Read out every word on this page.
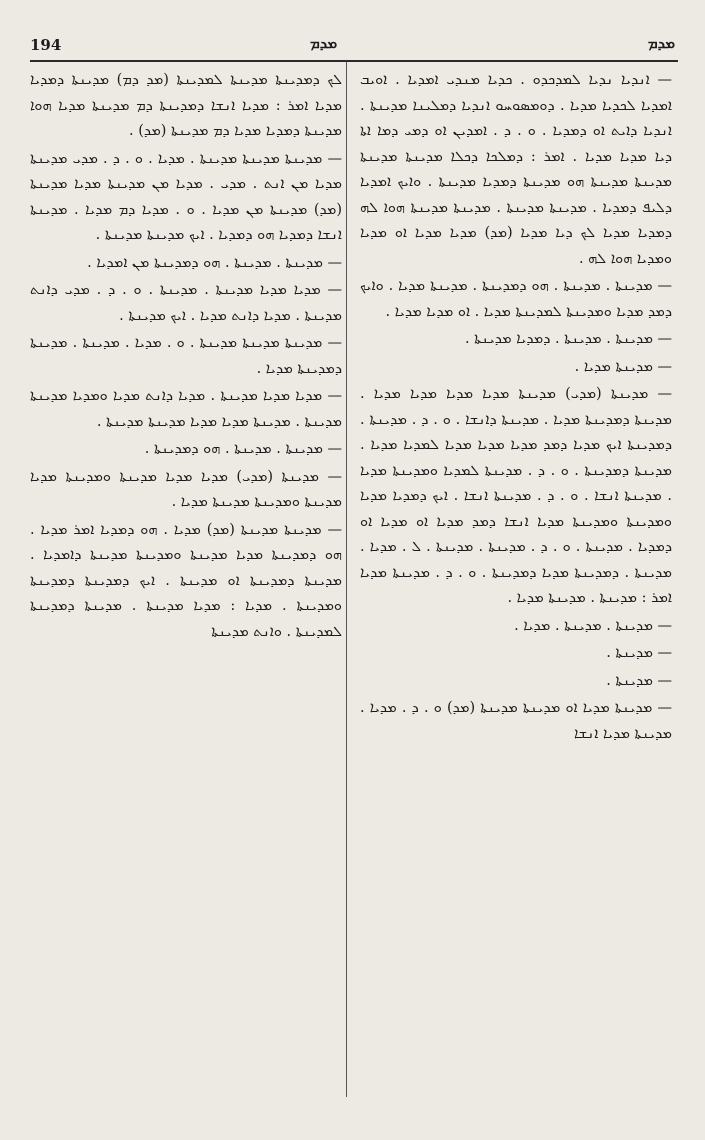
194	ܡܕܡ	ܡܕܡ

— ܐܢܕܝܐ ܢܕܝܐ ܠܡܕܟܕܘ . ܟܕܝܐ ܡܢܕܝ ܐܡܕܝܐ . ܐܘܝܒ ܐܡܕܝܐ ܠܟܕܝܐ ܡܕܝܐ . ܕܘܡܣܘܚܘ ܐܢܕܝܐ ܕܡܠܝܢܐ ܡܕܝܢܬܐ . ܐܢܕܝܐ ܕܐܝܬ ܐܘ ܕܡܕܝܐ . ܘ . ܕ . ܐܡܕܝܢ ܐܘ ܕܡܝ ܕܡܐ ܐܬܐ ܕܝܐ ܡܕܝܐ ܡܕܝܐ . ܐܡܪ : ܕܡܠܟܐ ܕܟܠܐ ܡܕܝܢܬܐ ܡܕܝܢܬܐ ܡܕܝܢܬܐ ܡܕܝܢܬܐ ܗܘ ܡܕܝܢܬܐ ܕܡܕܝܐ ܡܕܝܢܬܐ . ܘܐܝܟ ܐܡܕܝܐ ܕܠܝܦ ܕܡܕܝܐ . ܡܕܝܢܬܐ ܡܕܝܢܬܐ . ܡܕܝܢܬܐ ܡܕܝܢܬܐ ܗܘܐ ܠܗ ܕܡܕܝܐ ܡܕܝܐ ܠܟ ܕܝܐ ܡܕܝܐ (ܡܕ) ܡܕܝܐ ܡܕܝܐ ܐܘ ܡܕܝܐ ܘܡܕܝܐ ܗܘܐ ܠܗ .

— ܡܕܝܢܬܐ . ܡܕܝܢܬܐ . ܗܘ ܕܡܕܝܢܬܐ . ܡܕܝܢܬܐ ܡܕܝܐ . ܘܐܝܟ ܕܡܕ ܡܕܝܐ ܘܡܕܝܢܬܐ ܠܡܕܝܢܬܐ ܡܕܝܐ . ܐܘ ܡܕܝܐ ܡܕܝܐ .

— ܡܕܝܢܬܐ . ܡܕܝܢܬܐ . ܕܡܕܝܐ ܡܕܝܢܬܐ .

— ܡܕܝܢܬܐ ܡܕܝܐ .

— ܡܕܝܢܬܐ (ܡܕܝ) ܡܕܝܢܬܐ ܡܕܝܐ ܡܕܝܐ ܡܕܝܐ ܡܕܝܐ . ܡܕܝܢܬܐ ܕܡܕܝܢܬܐ ܡܕܝܐ . ܡܕܝܢܬܐ ܕܐܢܫܐ . ܘ . ܕ . ܡܕܝܢܬܐ . ܕܡܕܝܢܬܐ ܐܝܟ ܡܕܝܐ ܕܡܕ ܡܕܝܐ ܡܕܝܐ ܡܕܝܐ ܠܡܕܝܐ ܡܕܝܐ . ܡܕܝܢܬܐ ܕܡܕܝܢܬܐ . ܘ . ܕ . ܡܕܝܢܬܐ ܠܡܕܝܐ ܘܡܕܝܢܬܐ ܡܕܝܐ . ܡܕܝܢܬܐ ܐܢܫܐ . ܘ . ܕ . ܡܕܝܢܬܐ ܐܢܫܐ . ܐܝܟ ܕܡܕܝܐ ܡܕܝܐ ܘܡܕܝܢܬܐ ܘܡܕܝܢܬܐ ܡܕܝܐ ܐܢܫܐ ܕܡܕ ܡܕܝܐ ܐܘ ܡܕܝܐ ܐܘ ܕܡܕܝܐ . ܡܕܝܢܬܐ . ܘ . ܕ . ܡܕܝܢܬܐ . ܡܕܝܢܬܐ . ܠ . ܡܕܝܐ . ܡܕܝܢܬܐ . ܕܡܕܝܢܬܐ ܡܕܝܐ ܕܡܕܝܢܬܐ . ܘ . ܕ . ܡܕܝܢܬܐ ܡܕܝܐ ܐܡܪ : ܡܕܝܢܬܐ . ܡܕܝܢܬܐ ܡܕܝܐ .

— ܡܕܝܢܬܐ . ܡܕܝܢܬܐ . ܡܕܝܐ .

— ܡܕܝܢܬܐ .

— ܡܕܝܢܬܐ .

— ܡܕܝܢܬܐ ܡܕܝܐ ܐܘ ܡܕܝܢܬܐ ܡܕܝܢܬܐ (ܡܕ) ܘ . ܕ . ܡܕܝܐ . ܡܕܝܢܬܐ ܡܕܝܐ ܐܢܫܐ

ܠܟ ܕܡܕܝܢܬܐ ܡܕܝܢܬܐ ܠܡܕܝܢܬܐ (ܡܕ ܕܡ) ܡܕܝܢܬܐ ܕܡܕܝܐ ܡܕܝܐ ܐܡܪ : ܡܕܝܐ ܐܢܫܐ ܕܡܕܝܢܬܐ ܕܡ ܡܕܝܢܬܐ ܡܕܝܐ ܗܘܐ ܡܕܝܢܬܐ ܕܡܕܝܐ ܡܕܝܐ ܕܡ ܡܕܝܢܬܐ (ܡܕ) .

— ܡܕܝܢܬܐ ܡܕܝܢܬܐ ܡܕܝܢܬܐ . ܡܕܝܐ . ܘ . ܕ . ܡܕܝ ܡܕܝܢܬܐ ܡܕܝܐ ܡܢ ܐܢܬ . ܡܕܝ . ܡܕܝܐ ܡܢ ܡܕܝܢܬܐ ܡܕܝܐ ܡܕܝܢܬܐ (ܡܕ) ܡܕܝܢܬܐ ܡܢ ܡܕܝܐ . ܘ . ܡܕܝܐ ܕܡ ܡܕܝܐ . ܡܕܝܢܬܐ ܐܢܫܐ ܕܡܕܝܐ ܗܘ ܕܡܕܝܐ . ܐܝܟ ܡܕܝܢܬܐ ܡܕܝܢܬܐ .

— ܡܕܝܢܬܐ . ܡܕܝܢܬܐ . ܗܘ ܕܡܕܝܢܬܐ ܡܢ ܐܡܕܝܐ .

— ܡܕܝܐ ܡܕܝܐ ܡܕܝܢܬܐ . ܡܕܝܢܬܐ . ܘ . ܕ . ܡܕܝ ܕܐܢܬ ܡܕܝܢܬܐ . ܡܕܝܐ ܕܐܢܬ ܡܕܝܐ . ܐܝܟ ܡܕܝܢܬܐ .

— ܡܕܝܢܬܐ ܡܕܝܢܬܐ ܡܕܝܢܬܐ . ܘ . ܡܕܝܐ . ܡܕܝܢܬܐ . ܡܕܝܢܬܐ ܕܡܕܝܢܬܐ ܡܕܝܐ .

— ܡܕܝܐ ܡܕܝܐ ܡܕܝܢܬܐ . ܡܕܝܐ ܕܐܢܬ ܡܕܝܐ ܘܡܕܝܐ ܡܕܝܢܬܐ ܡܕܝܢܬܐ . ܡܕܝܢܬܐ ܡܕܝܐ ܡܕܝܐ ܡܕܝܢܬܐ ܡܕܝܢܬܐ .

— ܡܕܝܢܬܐ . ܡܕܝܢܬܐ . ܗܘ ܕܡܕܝܢܬܐ .

— ܡܕܝܢܬܐ (ܡܕܝ) ܡܕܝܐ ܡܕܝܐ ܡܕܝܢܬܐ ܘܡܕܝܢܬܐ ܡܕܝܐ ܡܕܝܢܬܐ ܘܡܕܝܢܬܐ ܡܕܝܢܬܐ ܡܕܝܐ .

— ܡܕܝܢܬܐ ܡܕܝܢܬܐ (ܡܕ) ܡܕܝܐ . ܗܘ ܕܡܕܝܐ ܐܡܪ ܡܕܝܐ . ܗܘ ܕܡܕܝܢܬܐ ܡܕܝܐ ܡܕܝܢܬܐ ܘܡܕܝܢܬܐ ܡܕܝܢܬܐ ܕܐܡܕܝܐ . ܡܕܝܢܬܐ ܕܡܕܝܢܬܐ ܐܘ ܡܕܝܢܬܐ . ܐܝܟ ܕܡܕܝܢܬܐ ܕܡܕܝܢܬܐ ܘܡܕܝܢܬܐ . ܡܕܝܐ : ܡܕܝܐ ܡܕܝܢܬܐ . ܡܕܝܢܬܐ ܕܡܕܝܢܬܐ ܠܡܕܝܢܬܐ . ܘܐܢܬ ܡܕܝܢܬܐ
